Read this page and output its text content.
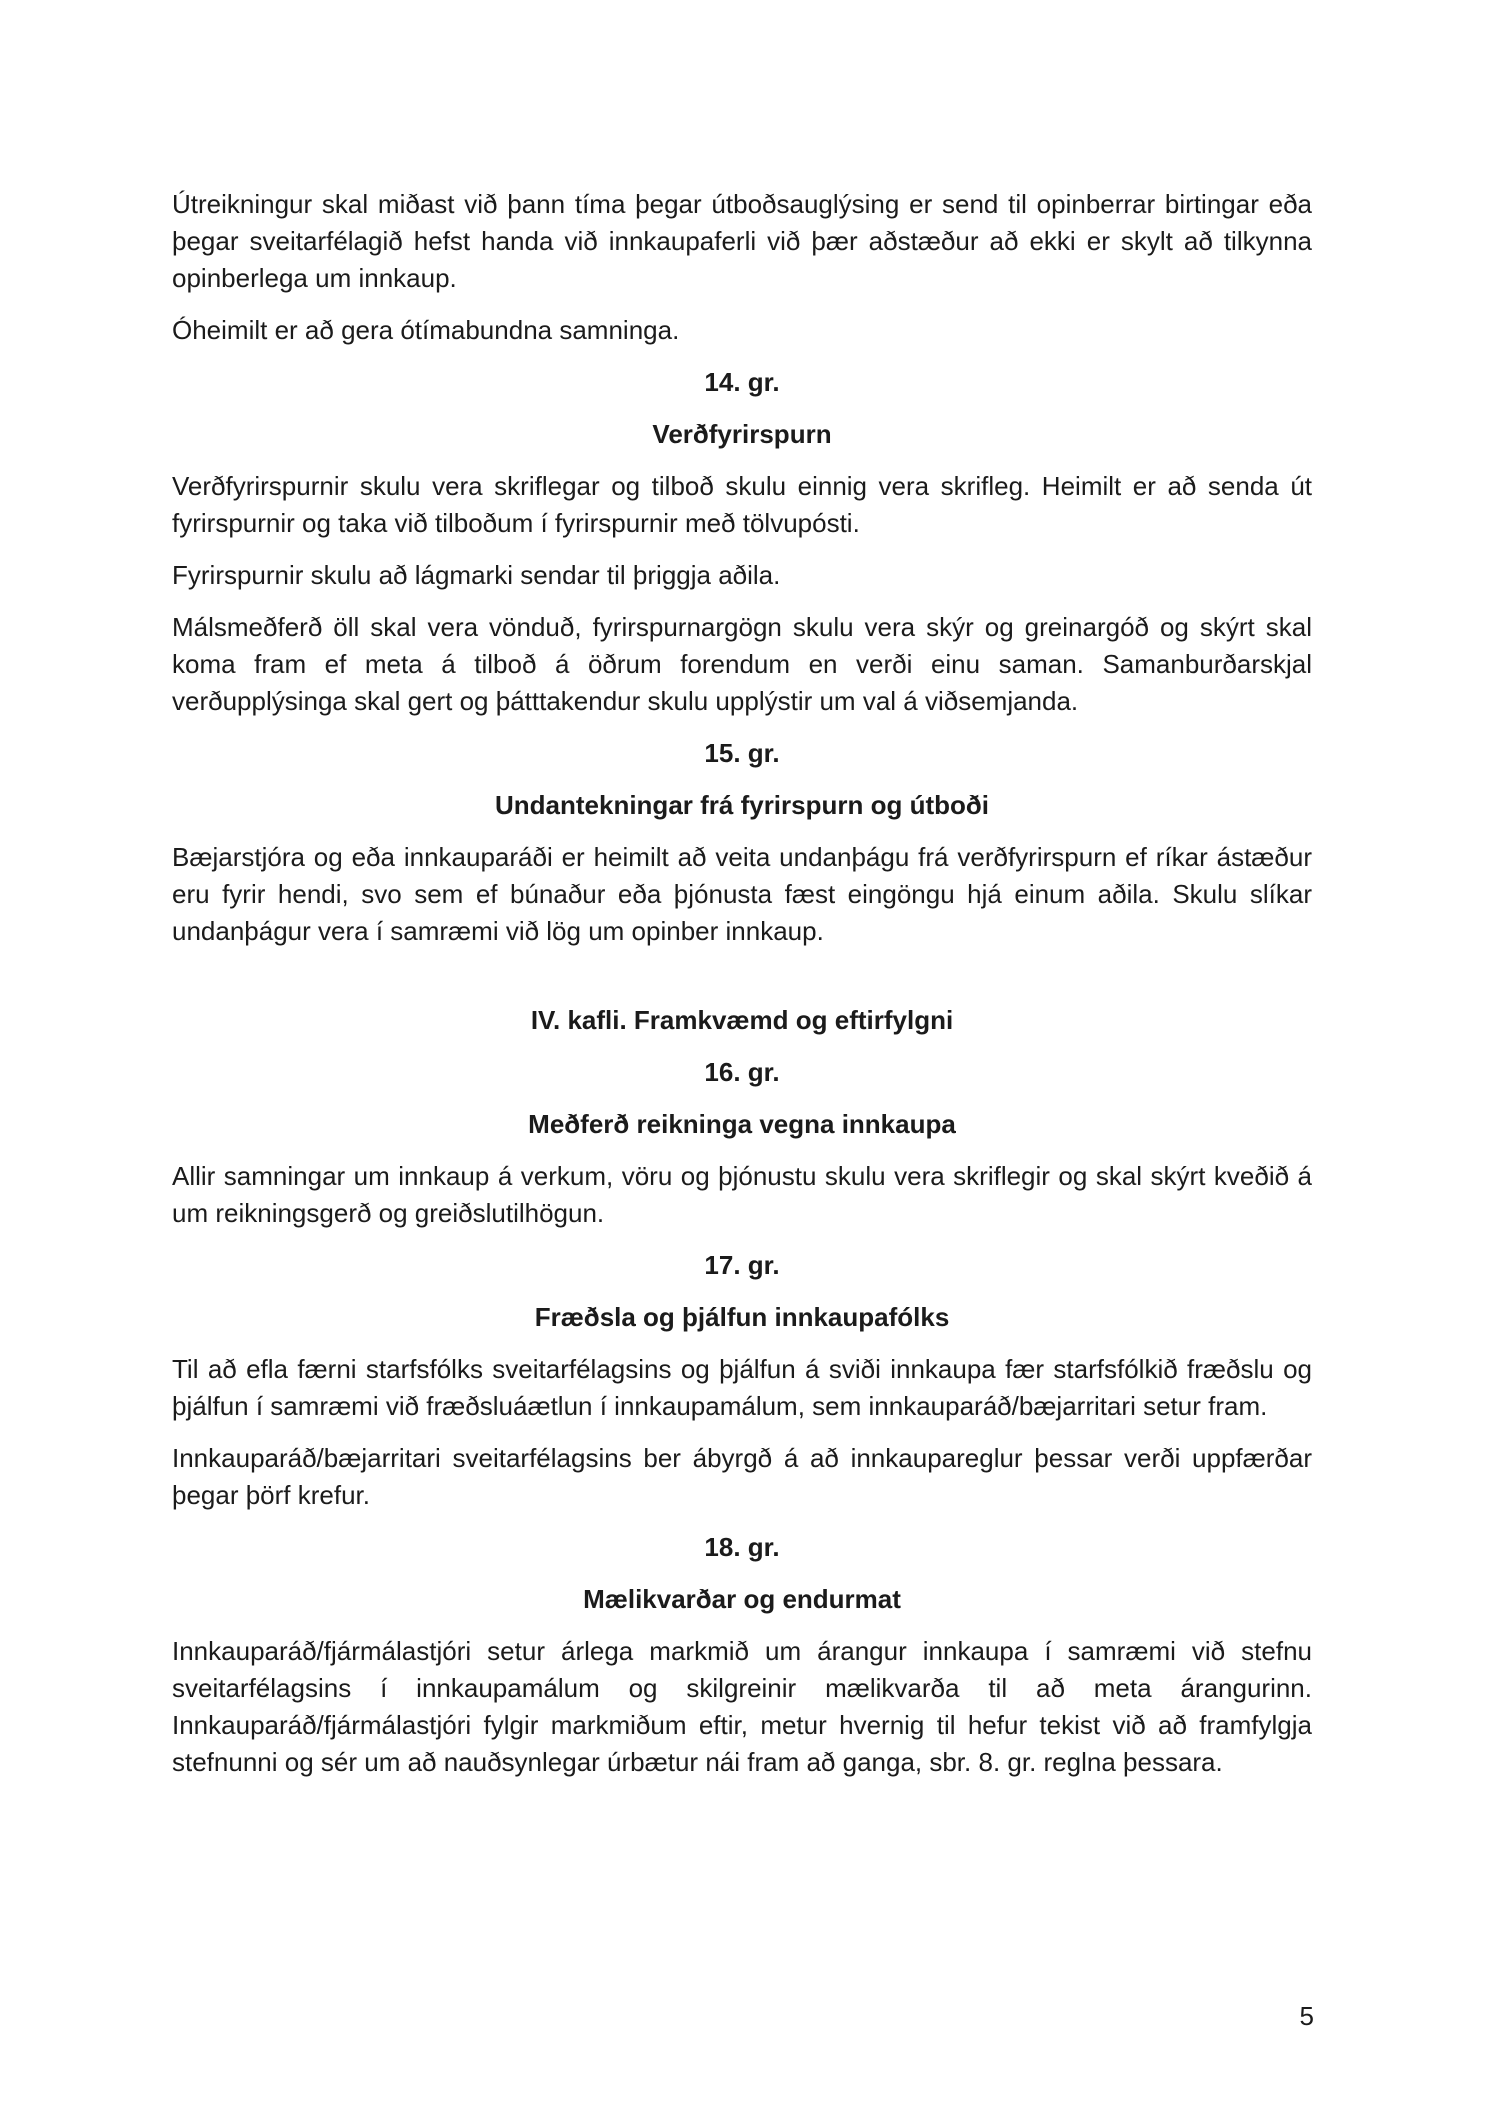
Útreikningur skal miðast við þann tíma þegar útboðsauglýsing er send til opinberrar birtingar eða þegar sveitarfélagið hefst handa við innkaupaferli við þær aðstæður að ekki er skylt að tilkynna opinberlega um innkaup.

Óheimilt er að gera ótímabundna samninga.

14. gr.

Verðfyrirspurn

Verðfyrirspurnir skulu vera skriflegar og tilboð skulu einnig vera skrifleg. Heimilt er að senda út fyrirspurnir og taka við tilboðum í fyrirspurnir með tölvupósti.

Fyrirspurnir skulu að lágmarki sendar til þriggja aðila.

Málsmeðferð öll skal vera vönduð, fyrirspurnargögn skulu vera skýr og greinargóð og skýrt skal koma fram ef meta á tilboð á öðrum forendum en verði einu saman. Samanburðarskjal verðupplýsinga skal gert og þátttakendur skulu upplýstir um val á viðsemjanda.

15. gr.

Undantekningar frá fyrirspurn og útboði

Bæjarstjóra og eða innkauparáði er heimilt að veita undanþágu frá verðfyrirspurn ef ríkar ástæður eru fyrir hendi, svo sem ef búnaður eða þjónusta fæst eingöngu hjá einum aðila. Skulu slíkar undanþágur vera í samræmi við lög um opinber innkaup.

IV. kafli. Framkvæmd og eftirfylgni

16. gr.

Meðferð reikninga vegna innkaupa

Allir samningar um innkaup á verkum, vöru og þjónustu skulu vera skriflegir og skal skýrt kveðið á um reikningsgerð og greiðslutilhögun.

17. gr.

Fræðsla og þjálfun innkaupafólks

Til að efla færni starfsfólks sveitarfélagsins og þjálfun á sviði innkaupa fær starfsfólkið fræðslu og þjálfun í samræmi við fræðsluáætlun í innkaupamálum, sem innkauparáð/bæjarritari setur fram.

Innkauparáð/bæjarritari sveitarfélagsins ber ábyrgð á að innkaupareglur þessar verði uppfærðar þegar þörf krefur.

18. gr.

Mælikvarðar og endurmat

Innkauparáð/fjármálastjóri setur árlega markmið um árangur innkaupa í samræmi við stefnu sveitarfélagsins í innkaupamálum og skilgreinir mælikvarða til að meta árangurinn. Innkauparáð/fjármálastjóri fylgir markmiðum eftir, metur hvernig til hefur tekist við að framfylgja stefnunni og sér um að nauðsynlegar úrbætur nái fram að ganga, sbr. 8. gr. reglna þessara.

5
